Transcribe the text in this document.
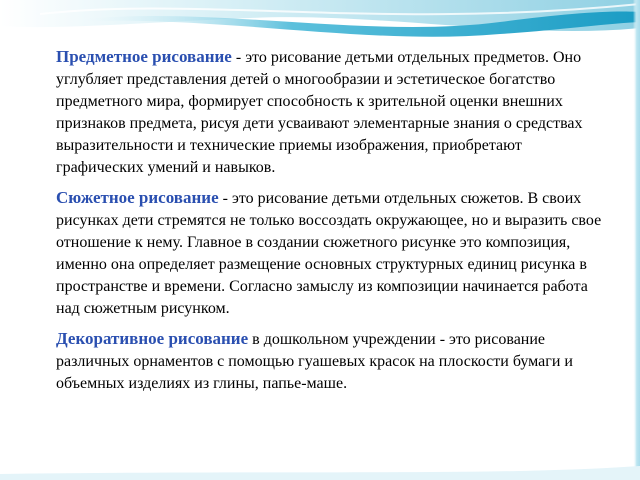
Предметное рисование - это рисование детьми отдельных предметов. Оно углубляет представления детей о многообразии и эстетическое богатство предметного мира, формирует способность к зрительной оценки внешних признаков предмета, рисуя дети усваивают элементарные знания о средствах выразительности и технические приемы изображения, приобретают графических умений и навыков.

Сюжетное рисование - это рисование детьми отдельных сюжетов. В своих рисунках дети стремятся не только воссоздать окружающее, но и выразить свое отношение к нему. Главное в создании сюжетного рисунке это композиция, именно она определяет размещение основных структурных единиц рисунка в пространстве и времени. Согласно замыслу из композиции начинается работа над сюжетным рисунком.

Декоративное рисование в дошкольном учреждении - это рисование различных орнаментов с помощью гуашевых красок на плоскости бумаги и объемных изделиях из глины, папье-маше.
